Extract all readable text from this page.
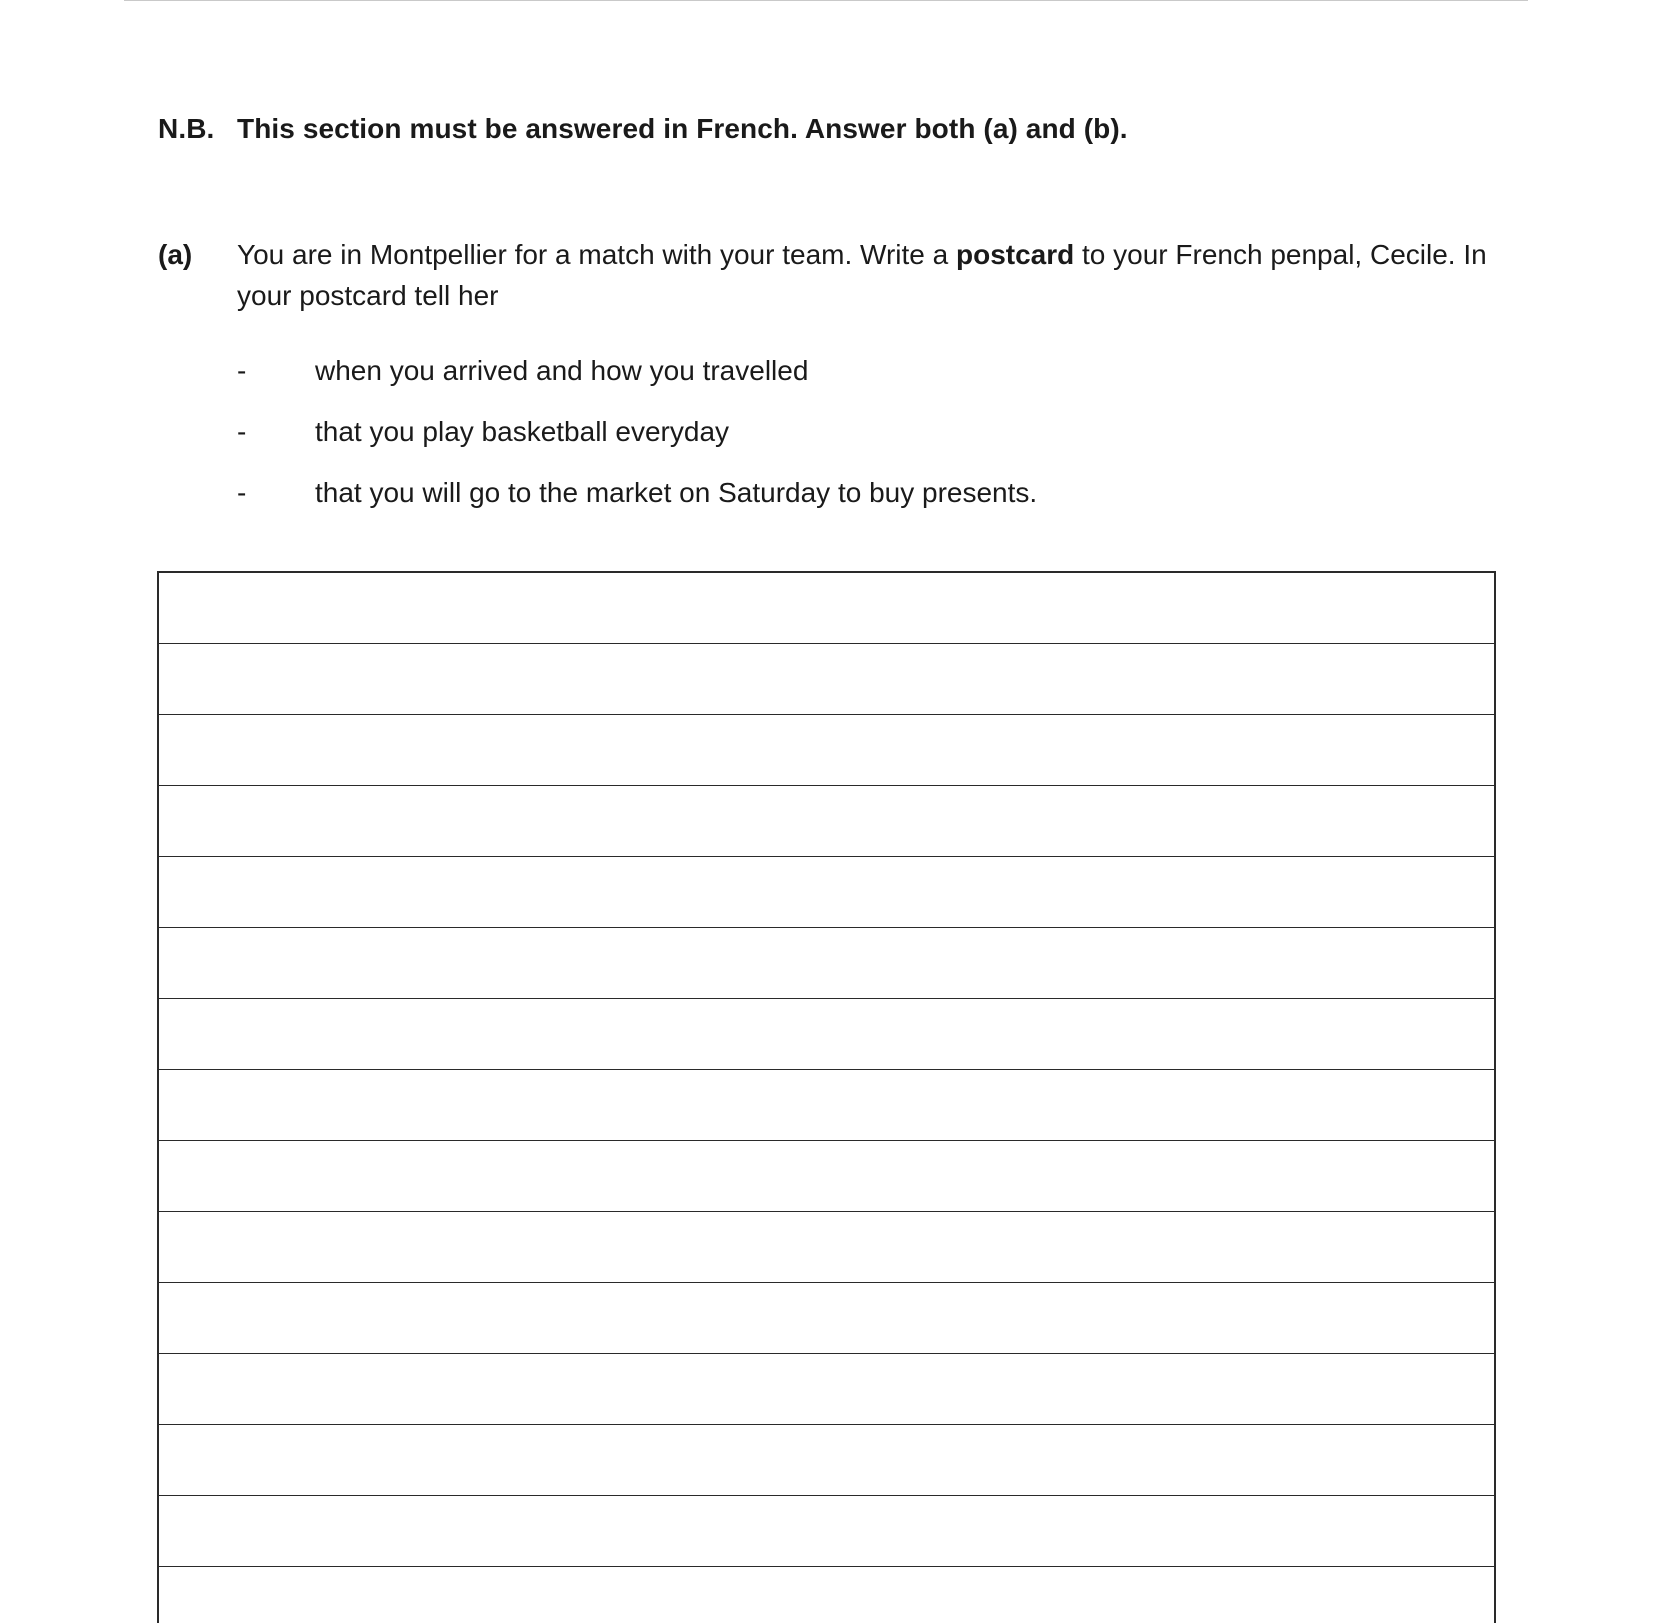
N.B. This section must be answered in French. Answer both (a) and (b).
(a) You are in Montpellier for a match with your team. Write a postcard to your French penpal, Cecile. In your postcard tell her
- when you arrived and how you travelled
- that you play basketball everyday
- that you will go to the market on Saturday to buy presents.
